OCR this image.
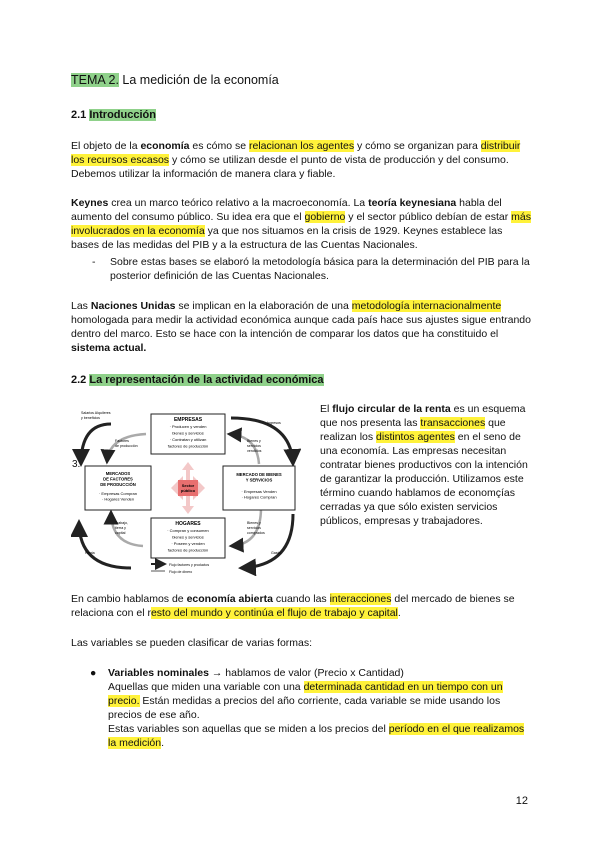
TEMA 2. La medición de la economía
2.1 Introducción

El objeto de la economía es cómo se relacionan los agentes y cómo se organizan para distribuir los recursos escasos y cómo se utilizan desde el punto de vista de producción y del consumo. Debemos utilizar la información de manera clara y fiable.

Keynes crea un marco teórico relativo a la macroeconomía. La teoría keynesiana habla del aumento del consumo público. Su idea era que el gobierno y el sector público debían de estar más involucrados en la economía ya que nos situamos en la crisis de 1929. Keynes establece las bases de las medidas del PIB y a la estructura de las Cuentas Nacionales.

-	Sobre estas bases se elaboró la metodología básica para la determinación del PIB para la posterior definición de las Cuentas Nacionales.

Las Naciones Unidas se implican en la elaboración de una metodología internacionalmente homologada para medir la actividad económica aunque cada país hace sus ajustes sigue entrando dentro del marco. Esto se hace con la intención de comparar los datos que ha constituido el sistema actual.

2.2 La representación de la actividad económica
EMPRESAS
· Producen y venden
bienes y servicios
· Contratan y utilizan
factores de producción
MERCADOS
DE FACTORES
DE PRODUCCIÓN
· Empresas Compran
· Hogares Venden
MERCADO DE BIENES
Y SERVICIOS
· Empresas Venden
· Hogares Compran
HOGARES
· Compran y consumen
bienes y servicios
· Poseen y venden
factores de producción
Sector
público
Salarios Alquileres
y beneficios
Factores
de producción
Ingresos
Bienes y
servicios
vendidos
Trabajo,
tierra y
capital
Bienes y
servicios
comprados
Gasto
Renta
Flujo factores y productos
Flujo de dinero
3.

El flujo circular de la renta es un esquema que nos presenta las transacciones que realizan los distintos agentes en el seno de una economía. Las empresas necesitan contratar bienes productivos con la intención de garantizar la producción. Utilizamos este término cuando hablamos de economçías cerradas ya que sólo existen servicios públicos, empresas y trabajadores.

En cambio hablamos de economía abierta cuando las interacciones del mercado de bienes se relaciona con el resto del mundo y continúa el flujo de trabajo y capital.

Las variables se pueden clasificar de varias formas:

● Variables nominales → hablamos de valor (Precio x Cantidad)
Aquellas que miden una variable con una determinada cantidad en un tiempo con un precio. Están medidas a precios del año corriente, cada variable se mide usando los precios de ese año.
Estas variables son aquellas que se miden a los precios del período en el que realizamos la medición.
12
